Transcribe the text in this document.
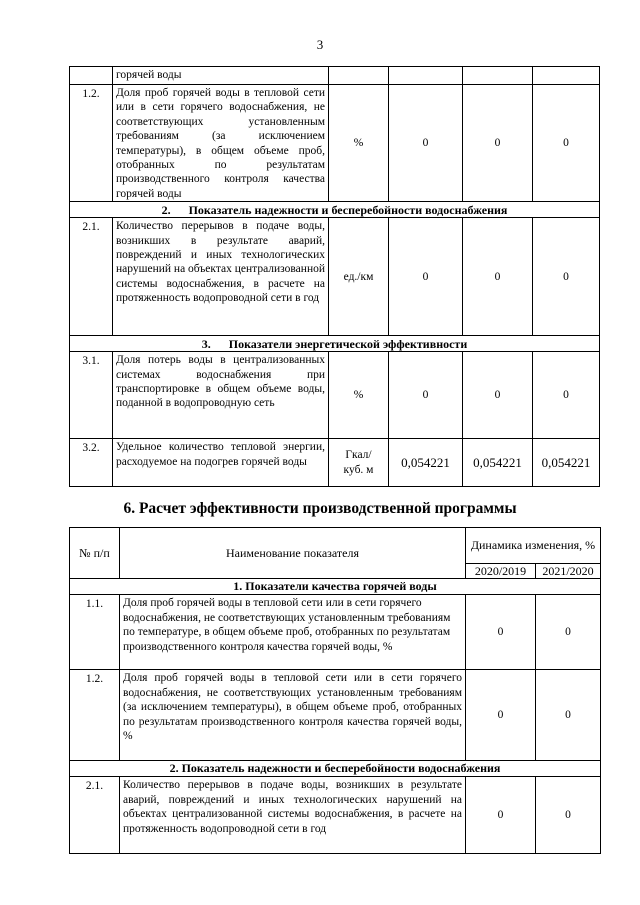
3
	горячей воды				
1.2.	Доля проб горячей воды в тепловой сети или в сети горячего водоснабжения, не соответствующих установленным требованиям (за исключением температуры), в общем объеме проб, отобранных по результатам производственного контроля качества горячей воды	%	0	0	0
2.      Показатель надежности и бесперебойности водоснабжения					
2.1.	Количество перерывов в подаче воды, возникших в результате аварий, повреждений и иных технологических нарушений на объектах централизованной системы водоснабжения, в расчете на протяженность водопроводной сети в год	ед./км	0	0	0
3.      Показатели энергетической эффективности					
3.1.	Доля потерь воды в централизованных системах водоснабжения при транспортировке в общем объеме воды, поданной в водопроводную сеть	%	0	0	0
3.2.	Удельное количество тепловой энергии, расходуемое на подогрев горячей воды	Гкал/
куб. м	0,054221	0,054221	0,054221
6. Расчет эффективности производственной программы
№ п/п	Наименование показателя	Динамика изменения, %	
		2020/2019	2021/2020
1. Показатели качества горячей воды			
1.1.	Доля проб горячей воды в тепловой сети или в сети горячего водоснабжения, не соответствующих установленным требованиям по температуре, в общем объеме проб, отобранных по результатам производственного контроля качества горячей воды, %	0	0
1.2.	Доля проб горячей воды в тепловой сети или в сети горячего водоснабжения, не соответствующих установленным требованиям (за исключением температуры), в общем объеме проб, отобранных по результатам производственного контроля качества горячей воды, %	0	0
2. Показатель надежности и бесперебойности водоснабжения			
2.1.	Количество перерывов в подаче воды, возникших в результате аварий, повреждений и иных технологических нарушений на объектах централизованной системы водоснабжения, в расчете на протяженность водопроводной сети в год	0	0
